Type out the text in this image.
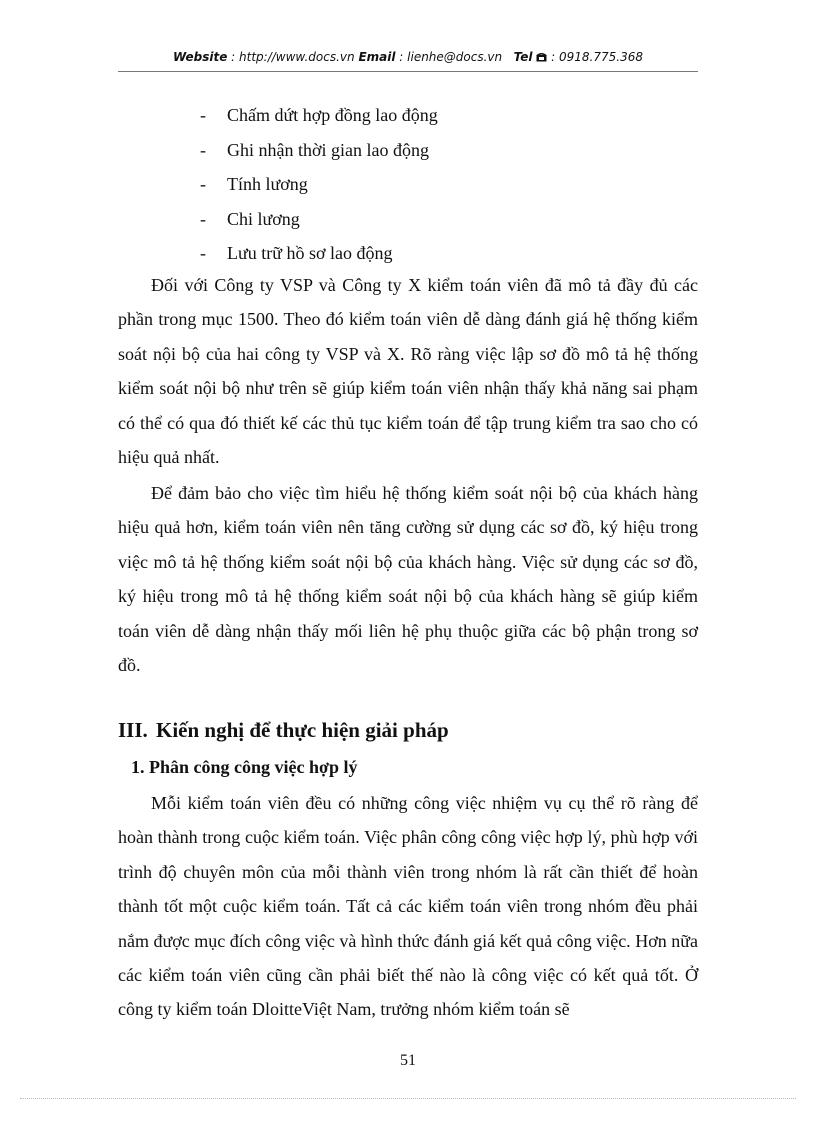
Website : http://www.docs.vn Email : lienhe@docs.vn Tel : 0918.775.368
- Chấm dứt hợp đồng lao động
- Ghi nhận thời gian lao động
- Tính lương
- Chi lương
- Lưu trữ hồ sơ lao động

Đối với Công ty VSP và Công ty X kiểm toán viên đã mô tả đầy đủ các phần trong mục 1500. Theo đó kiểm toán viên dễ dàng đánh giá hệ thống kiểm soát nội bộ của hai công ty VSP và X. Rõ ràng việc lập sơ đồ mô tả hệ thống kiểm soát nội bộ như trên sẽ giúp kiểm toán viên nhận thấy khả năng sai phạm có thể có qua đó thiết kế các thủ tục kiểm toán để tập trung kiểm tra sao cho có hiệu quả nhất.

Để đảm bảo cho việc tìm hiểu hệ thống kiểm soát nội bộ của khách hàng hiệu quả hơn, kiểm toán viên nên tăng cường sử dụng các sơ đồ, ký hiệu trong việc mô tả hệ thống kiểm soát nội bộ của khách hàng. Việc sử dụng các sơ đồ, ký hiệu trong mô tả hệ thống kiểm soát nội bộ của khách hàng sẽ giúp kiểm toán viên dễ dàng nhận thấy mối liên hệ phụ thuộc giữa các bộ phận trong sơ đồ.

III. Kiến nghị để thực hiện giải pháp
1. Phân công công việc hợp lý

Mỗi kiểm toán viên đều có những công việc nhiệm vụ cụ thể rõ ràng để hoàn thành trong cuộc kiểm toán. Việc phân công công việc hợp lý, phù hợp với trình độ chuyên môn của mỗi thành viên trong nhóm là rất cần thiết để hoàn thành tốt một cuộc kiểm toán. Tất cả các kiểm toán viên trong nhóm đều phải nắm được mục đích công việc và hình thức đánh giá kết quả công việc. Hơn nữa các kiểm toán viên cũng cần phải biết thế nào là công việc có kết quả tốt. Ở công ty kiểm toán DloitteViệt Nam, trưởng nhóm kiểm toán sẽ

51
